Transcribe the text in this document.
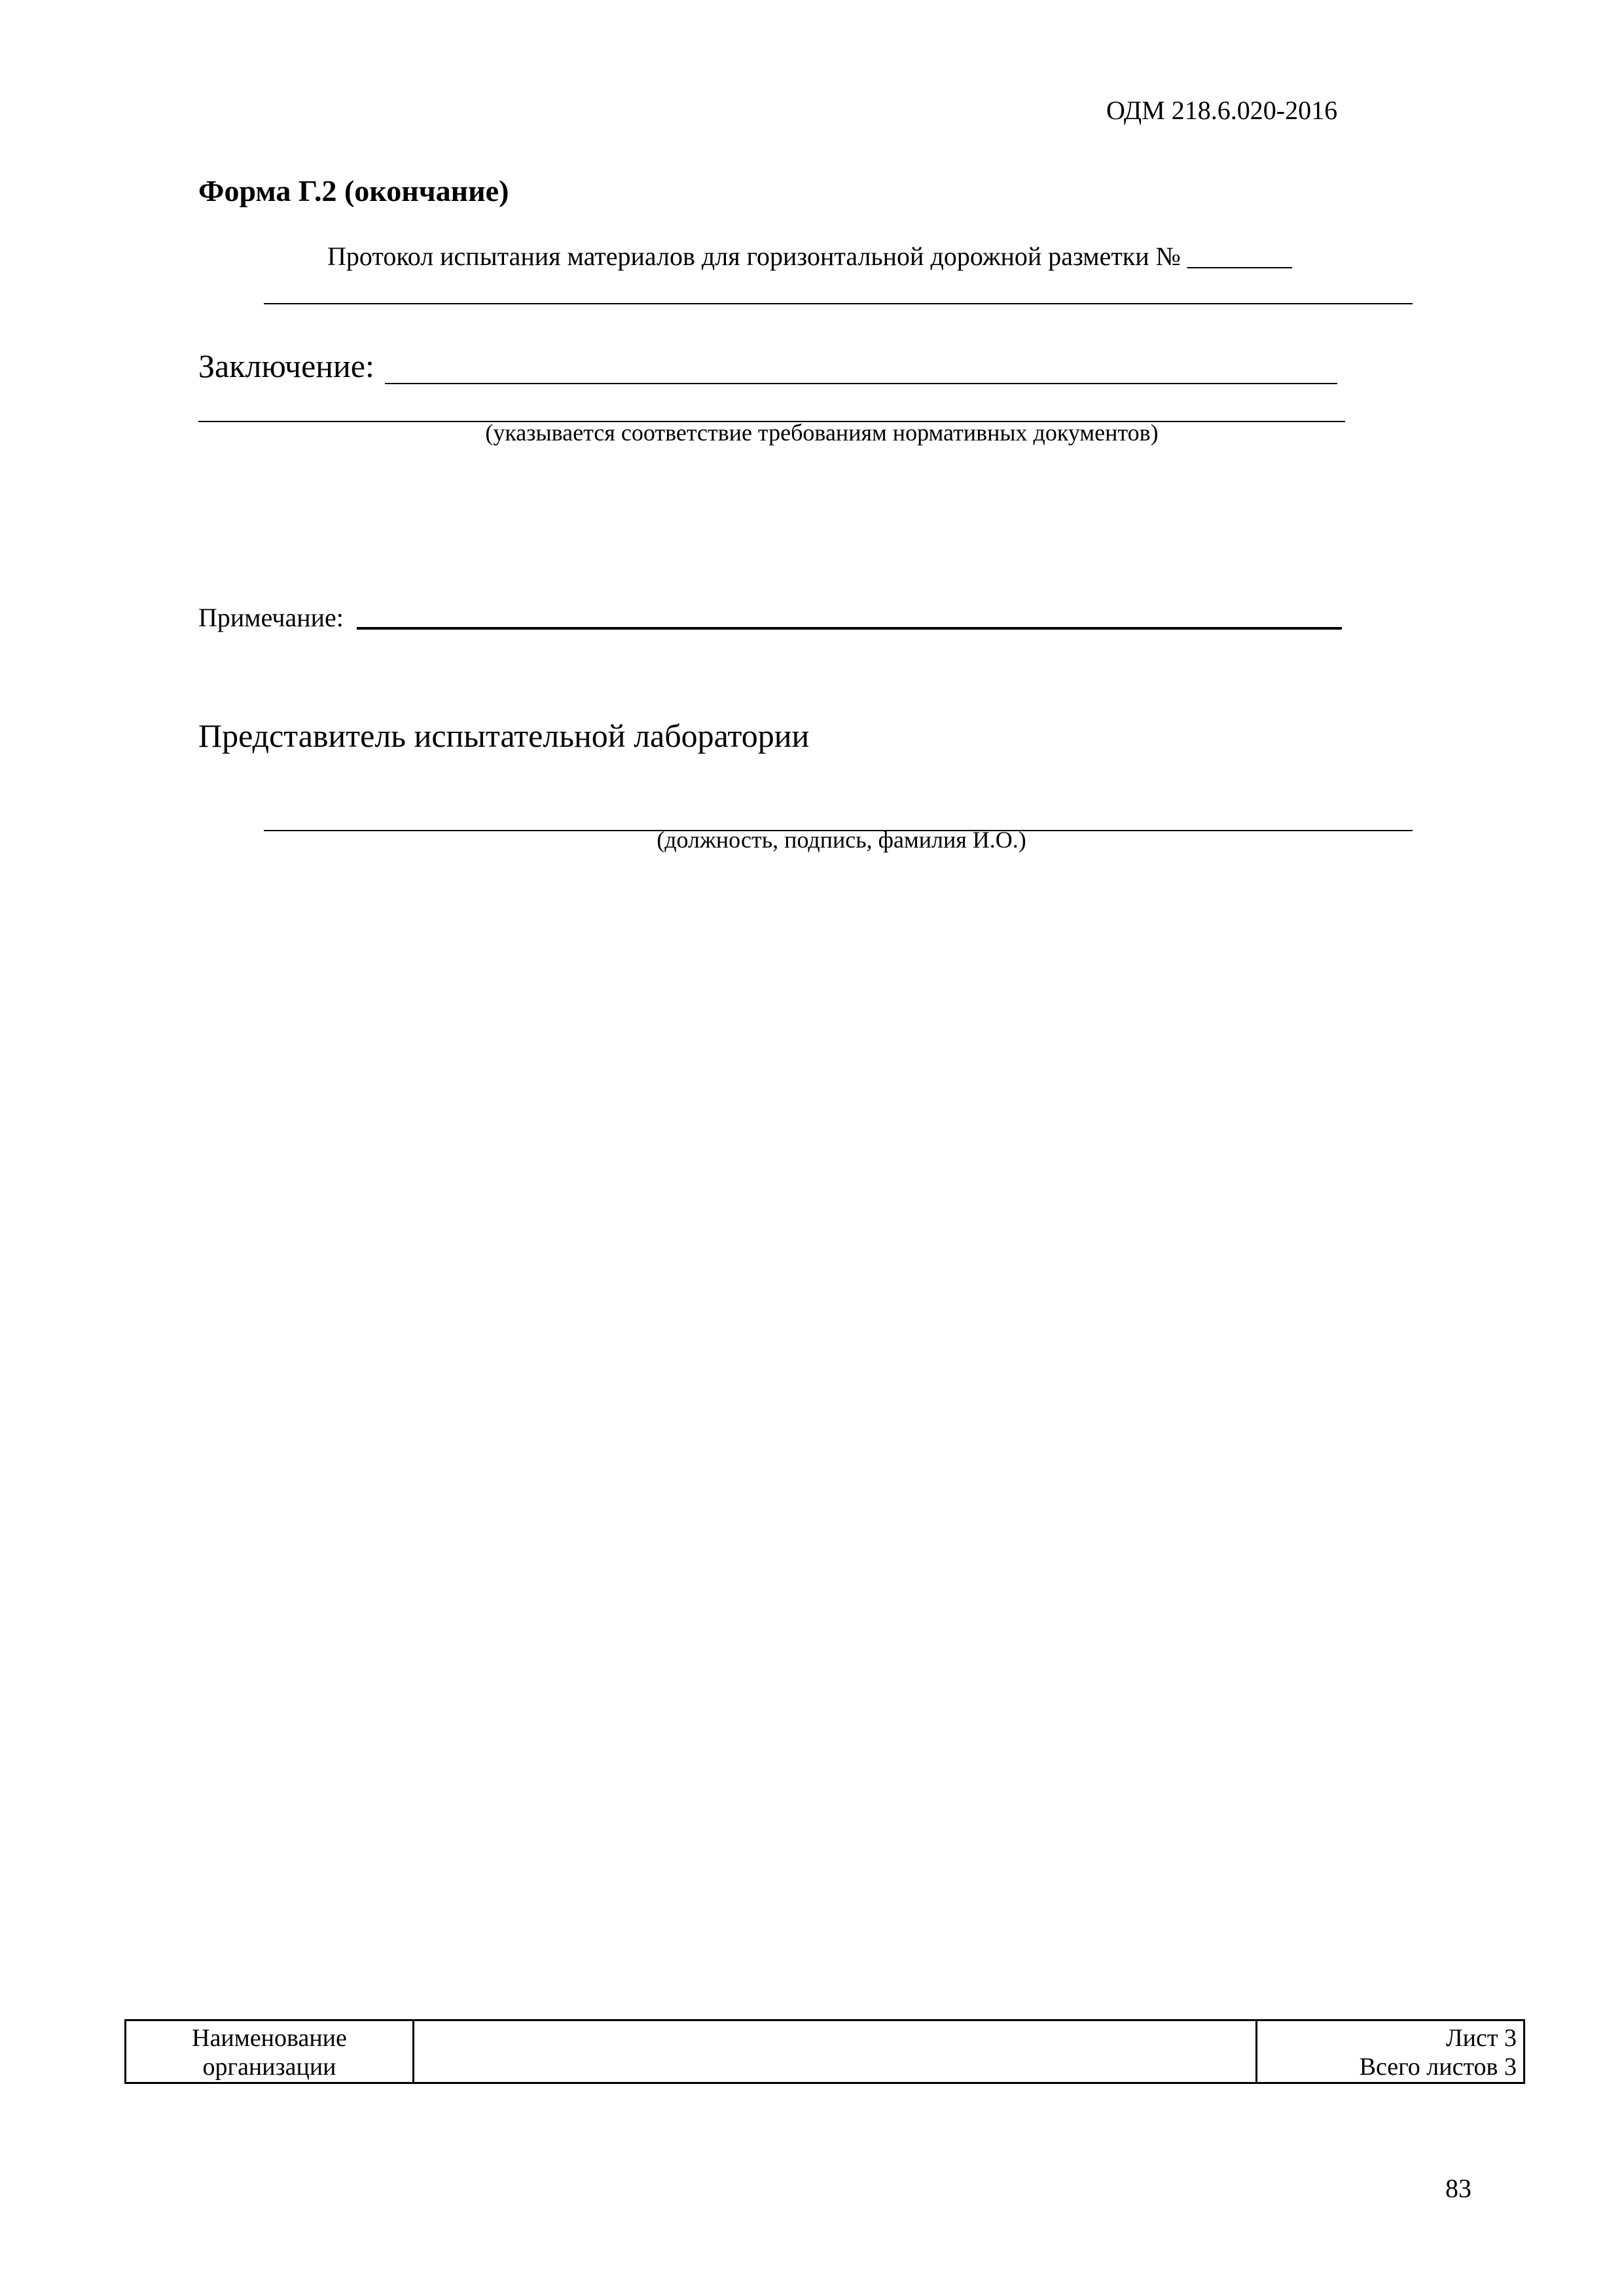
ОДМ 218.6.020-2016
Форма Г.2 (окончание)
Протокол испытания материалов для горизонтальной дорожной разметки № ________
Заключение:
(указывается соответствие требованиям нормативных документов)
Примечание:
Представитель испытательной лаборатории
(должность, подпись, фамилия И.О.)
Наименование
организации
Лист 3
Всего листов 3
83
